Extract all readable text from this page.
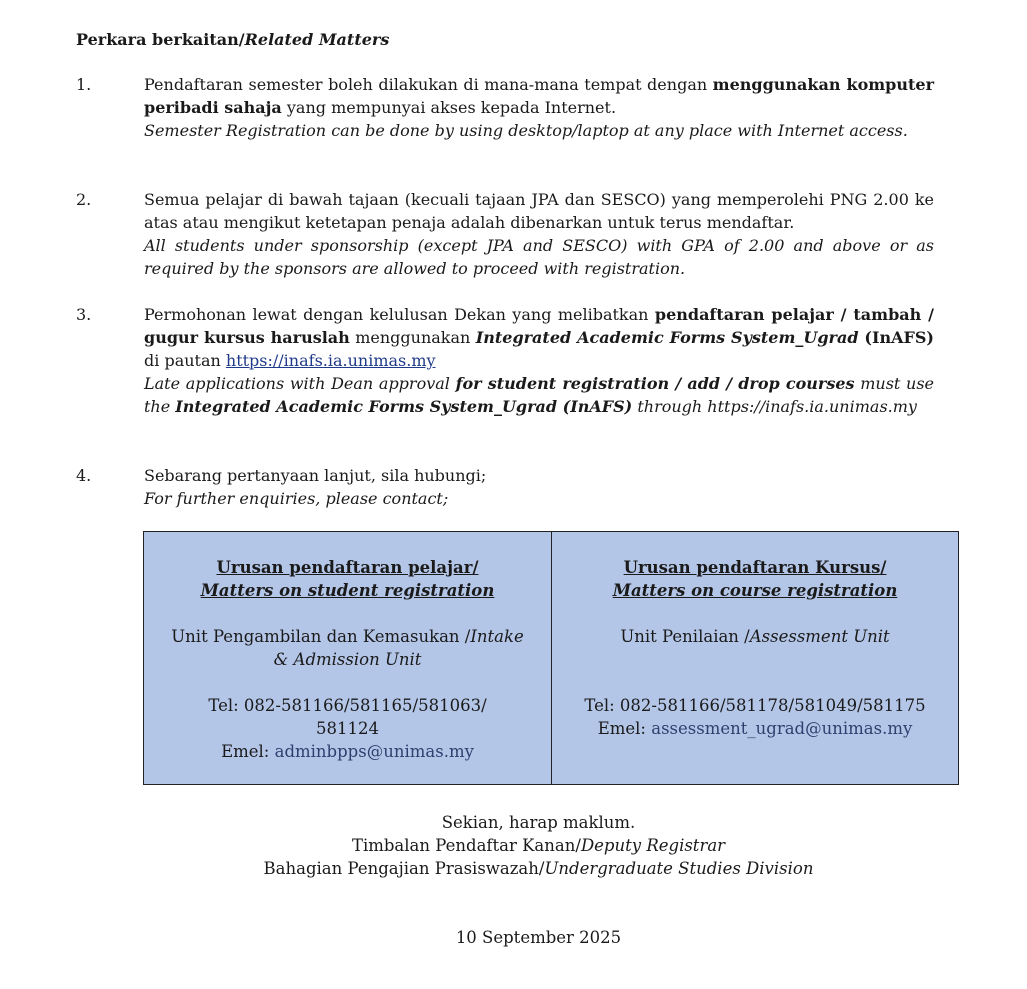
Perkara berkaitan/Related Matters
1.	Pendaftaran semester boleh dilakukan di mana-mana tempat dengan menggunakan komputer peribadi sahaja yang mempunyai akses kepada Internet.

Semester Registration can be done by using desktop/laptop at any place with Internet access.

2.	Semua pelajar di bawah tajaan (kecuali tajaan JPA dan SESCO) yang memperolehi PNG 2.00 ke atas atau mengikut ketetapan penaja adalah dibenarkan untuk terus mendaftar.

All students under sponsorship (except JPA and SESCO) with GPA of 2.00 and above or as required by the sponsors are allowed to proceed with registration.

3.	Permohonan lewat dengan kelulusan Dekan yang melibatkan pendaftaran pelajar / tambah / gugur kursus haruslah menggunakan Integrated Academic Forms System_Ugrad (InAFS) di pautan https://inafs.ia.unimas.my

Late applications with Dean approval for student registration / add / drop courses must use the Integrated Academic Forms System_Ugrad (InAFS) through https://inafs.ia.unimas.my

4.	Sebarang pertanyaan lanjut, sila hubungi;

For further enquiries, please contact;

Urusan pendaftaran pelajar/
Matters on student registration
Unit Pengambilan dan Kemasukan /Intake
& Admission Unit
Tel: 082-581166/581165/581063/
581124
Emel: adminbpps@unimas.my
Urusan pendaftaran Kursus/
Matters on course registration
Unit Penilaian /Assessment Unit
Tel: 082-581166/581178/581049/581175
Emel: assessment_ugrad@unimas.my
Sekian, harap maklum.
Timbalan Pendaftar Kanan/Deputy Registrar
Bahagian Pengajian Prasiswazah/Undergraduate Studies Division
10 September 2025
